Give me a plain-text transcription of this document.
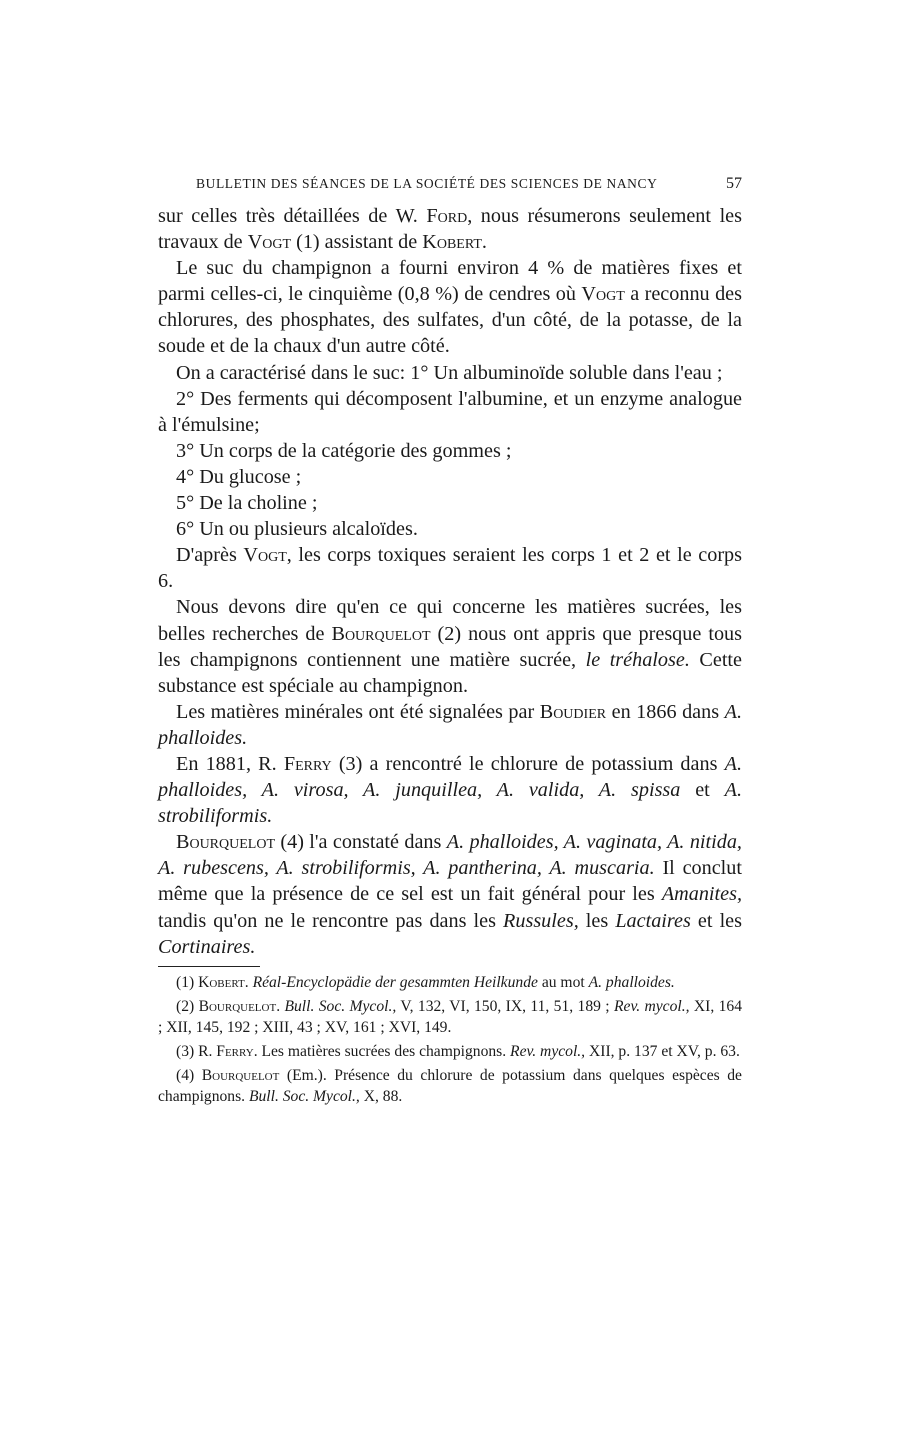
BULLETIN DES SÉANCES DE LA SOCIÉTÉ DES SCIENCES DE NANCY	57

sur celles très détaillées de W. Ford, nous résumerons seulement les travaux de Vogt (1) assistant de Kobert.

Le suc du champignon a fourni environ 4 % de matières fixes et parmi celles-ci, le cinquième (0,8 %) de cendres où Vogt a reconnu des chlorures, des phosphates, des sulfates, d'un côté, de la potasse, de la soude et de la chaux d'un autre côté.

On a caractérisé dans le suc: 1° Un albuminoïde soluble dans l'eau ;

2° Des ferments qui décomposent l'albumine, et un enzyme analogue à l'émulsine;

3° Un corps de la catégorie des gommes ;

4° Du glucose ;

5° De la choline ;

6° Un ou plusieurs alcaloïdes.

D'après Vogt, les corps toxiques seraient les corps 1 et 2 et le corps 6.

Nous devons dire qu'en ce qui concerne les matières sucrées, les belles recherches de Bourquelot (2) nous ont appris que presque tous les champignons contiennent une matière sucrée, le tréhalose. Cette substance est spéciale au champignon.

Les matières minérales ont été signalées par Boudier en 1866 dans A. phalloides.

En 1881, R. Ferry (3) a rencontré le chlorure de potassium dans A. phalloides, A. virosa, A. junquillea, A. valida, A. spissa et A. strobiliformis.

Bourquelot (4) l'a constaté dans A. phalloides, A. vaginata, A. nitida, A. rubescens, A. strobiliformis, A. pantherina, A. muscaria. Il conclut même que la présence de ce sel est un fait général pour les Amanites, tandis qu'on ne le rencontre pas dans les Russules, les Lactaires et les Cortinaires.

(1) Kobert. Réal-Encyclopädie der gesammten Heilkunde au mot A. phalloides.

(2) Bourquelot. Bull. Soc. Mycol., V, 132, VI, 150, IX, 11, 51, 189 ; Rev. mycol., XI, 164 ; XII, 145, 192 ; XIII, 43 ; XV, 161 ; XVI, 149.

(3) R. Ferry. Les matières sucrées des champignons. Rev. mycol., XII, p. 137 et XV, p. 63.

(4) Bourquelot (Em.). Présence du chlorure de potassium dans quelques espèces de champignons. Bull. Soc. Mycol., X, 88.
